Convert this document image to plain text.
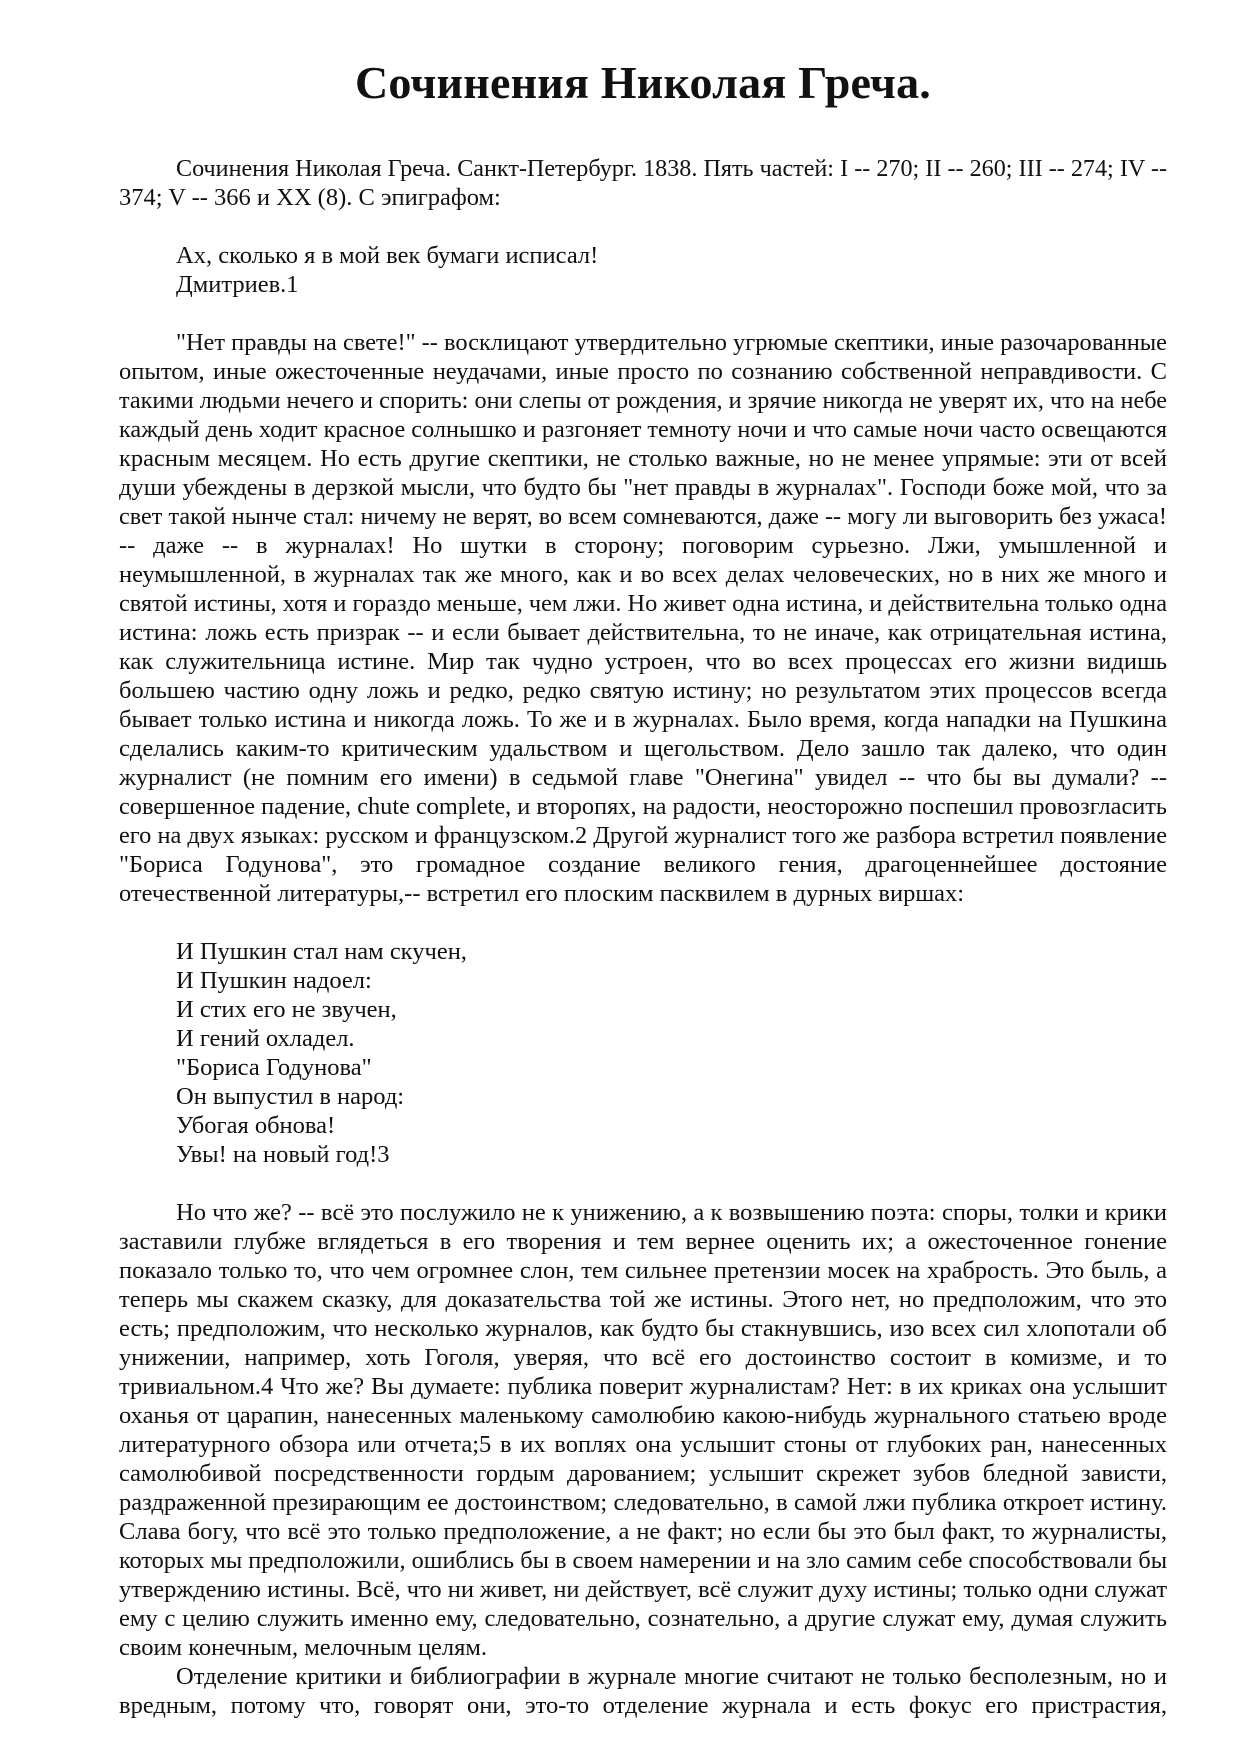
Сочинения Николая Греча.
Сочинения Николая Греча. Санкт-Петербург. 1838. Пять частей: I -- 270; II -- 260; III -- 274; IV --
374; V -- 366 и XX (8). С эпиграфом:
Ах, сколько я в мой век бумаги исписал!
Дмитриев.1
"Нет правды на свете!" -- восклицают утвердительно угрюмые скептики, иные разочарованные
опытом, иные ожесточенные неудачами, иные просто по сознанию собственной неправдивости. С
такими людьми нечего и спорить: они слепы от рождения, и зрячие никогда не уверят их, что на небе
каждый день ходит красное солнышко и разгоняет темноту ночи и что самые ночи часто освещаются
красным месяцем. Но есть другие скептики, не столько важные, но не менее упрямые: эти от всей
души убеждены в дерзкой мысли, что будто бы "нет правды в журналах". Господи боже мой, что за
свет такой нынче стал: ничему не верят, во всем сомневаются, даже -- могу ли выговорить без ужаса!
-- даже -- в журналах! Но шутки в сторону; поговорим сурьезно. Лжи, умышленной и
неумышленной, в журналах так же много, как и во всех делах человеческих, но в них же много и
святой истины, хотя и гораздо меньше, чем лжи. Но живет одна истина, и действительна только одна
истина: ложь есть призрак -- и если бывает действительна, то не иначе, как отрицательная истина,
как служительница истине. Мир так чудно устроен, что во всех процессах его жизни видишь
большею частию одну ложь и редко, редко святую истину; но результатом этих процессов всегда
бывает только истина и никогда ложь. То же и в журналах. Было время, когда нападки на Пушкина
сделались каким-то критическим удальством и щегольством. Дело зашло так далеко, что один
журналист (не помним его имени) в седьмой главе "Онегина" увидел -- что бы вы думали? --
совершенное падение, chute complete, и второпях, на радости, неосторожно поспешил провозгласить
его на двух языках: русском и французском.2 Другой журналист того же разбора встретил появление
"Бориса Годунова", это громадное создание великого гения, драгоценнейшее достояние
отечественной литературы,-- встретил его плоским пасквилем в дурных виршах:
И Пушкин стал нам скучен,
И Пушкин надоел:
И стих его не звучен,
И гений охладел.
"Бориса Годунова"
Он выпустил в народ:
Убогая обнова!
Увы! на новый год!3
Но что же? -- всё это послужило не к унижению, а к возвышению поэта: споры, толки и крики
заставили глубже вглядеться в его творения и тем вернее оценить их; а ожесточенное гонение
показало только то, что чем огромнее слон, тем сильнее претензии мосек на храбрость. Это быль, а
теперь мы скажем сказку, для доказательства той же истины. Этого нет, но предположим, что это
есть; предположим, что несколько журналов, как будто бы стакнувшись, изо всех сил хлопотали об
унижении, например, хоть Гоголя, уверяя, что всё его достоинство состоит в комизме, и то
тривиальном.4 Что же? Вы думаете: публика поверит журналистам? Нет: в их криках она услышит
оханья от царапин, нанесенных маленькому самолюбию какою-нибудь журнального статьею вроде
литературного обзора или отчета;5 в их воплях она услышит стоны от глубоких ран, нанесенных
самолюбивой посредственности гордым дарованием; услышит скрежет зубов бледной зависти,
раздраженной презирающим ее достоинством; следовательно, в самой лжи публика откроет истину.
Слава богу, что всё это только предположение, а не факт; но если бы это был факт, то журналисты,
которых мы предположили, ошиблись бы в своем намерении и на зло самим себе способствовали бы
утверждению истины. Всё, что ни живет, ни действует, всё служит духу истины; только одни служат
ему с целию служить именно ему, следовательно, сознательно, а другие служат ему, думая служить
своим конечным, мелочным целям.
Отделение критики и библиографии в журнале многие считают не только бесполезным, но и
вредным, потому что, говорят они, это-то отделение журнала и есть фокус его пристрастия,
